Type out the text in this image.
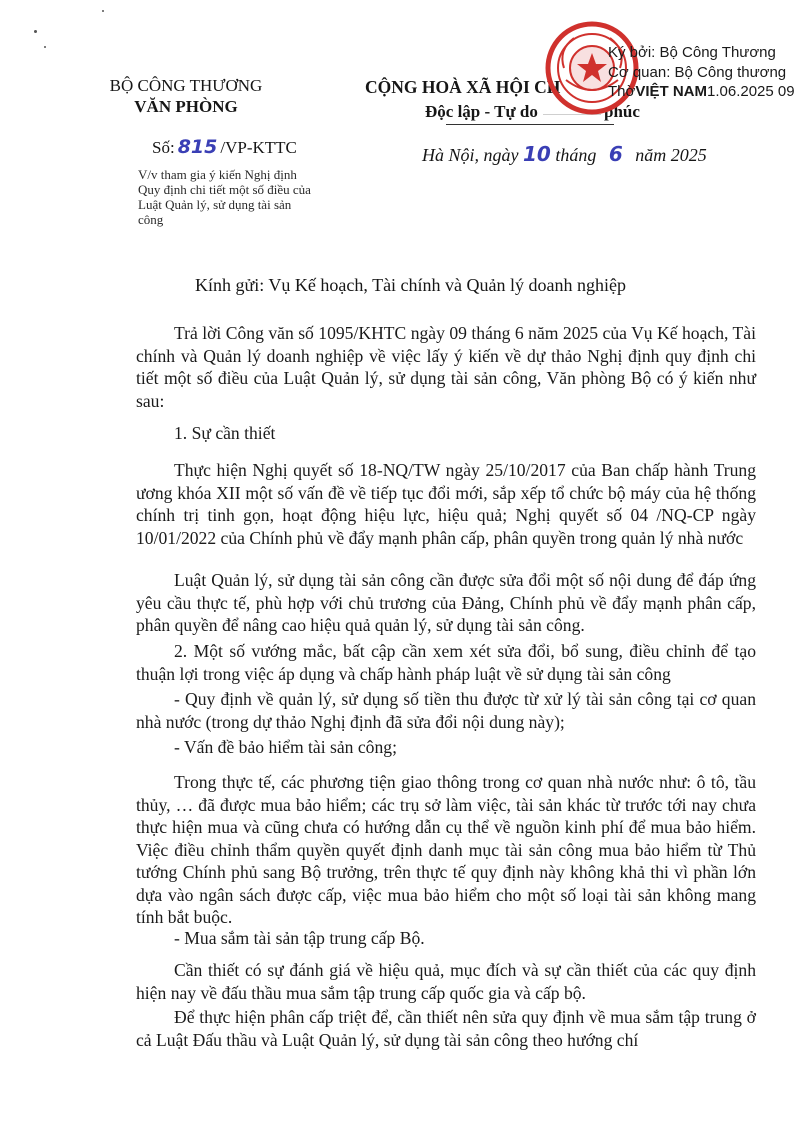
BỘ CÔNG THƯƠNG
VĂN PHÒNG
Số: 815 /VP-KTTC
V/v tham gia ý kiến Nghị định
Quy định chi tiết một số điều của
Luật Quản lý, sử dụng tài sản
công
CỘNG HOÀ XÃ HỘI CH
Độc lập - Tự do	phúc
Hà Nội, ngày 10 tháng 6 năm 2025
Ký bởi: Bộ Công Thương
Cơ quan: Bộ Công thương
ThờVIỆT NAM1.06.2025 09
Kính gửi: Vụ Kế hoạch, Tài chính và Quản lý doanh nghiệp
Trả lời Công văn số 1095/KHTC ngày 09 tháng 6 năm 2025 của Vụ Kế hoạch, Tài chính và Quản lý doanh nghiệp về việc lấy ý kiến về dự thảo Nghị định quy định chi tiết một số điều của Luật Quản lý, sử dụng tài sản công, Văn phòng Bộ có ý kiến như sau:
1. Sự cần thiết
Thực hiện Nghị quyết số 18-NQ/TW ngày 25/10/2017 của Ban chấp hành Trung ương khóa XII một số vấn đề về tiếp tục đổi mới, sắp xếp tổ chức bộ máy của hệ thống chính trị tinh gọn, hoạt động hiệu lực, hiệu quả; Nghị quyết số 04 /NQ-CP ngày 10/01/2022 của Chính phủ về đẩy mạnh phân cấp, phân quyền trong quản lý nhà nước
Luật Quản lý, sử dụng tài sản công cần được sửa đổi một số nội dung để đáp ứng yêu cầu thực tế, phù hợp với chủ trương của Đảng, Chính phủ về đẩy mạnh phân cấp, phân quyền để nâng cao hiệu quả quản lý, sử dụng tài sản công.
2. Một số vướng mắc, bất cập cần xem xét sửa đổi, bổ sung, điều chỉnh để tạo thuận lợi trong việc áp dụng và chấp hành pháp luật về sử dụng tài sản công
- Quy định về quản lý, sử dụng số tiền thu được từ xử lý tài sản công tại cơ quan nhà nước (trong dự thảo Nghị định đã sửa đổi nội dung này);
- Vấn đề bảo hiểm tài sản công;
Trong thực tế, các phương tiện giao thông trong cơ quan nhà nước như: ô tô, tầu thủy, … đã được mua bảo hiểm; các trụ sở làm việc, tài sản khác từ trước tới nay chưa thực hiện mua và cũng chưa có hướng dẫn cụ thể về nguồn kinh phí để mua bảo hiểm. Việc điều chỉnh thẩm quyền quyết định danh mục tài sản công mua bảo hiểm từ Thủ tướng Chính phủ sang Bộ trưởng, trên thực tế quy định này không khả thi vì phần lớn dựa vào ngân sách được cấp, việc mua bảo hiểm cho một số loại tài sản không mang tính bắt buộc.
- Mua sắm tài sản tập trung cấp Bộ.
Cần thiết có sự đánh giá về hiệu quả, mục đích và sự cần thiết của các quy định hiện nay về đấu thầu mua sắm tập trung cấp quốc gia và cấp bộ.
Để thực hiện phân cấp triệt để, cần thiết nên sửa quy định về mua sắm tập trung ở cả Luật Đấu thầu và Luật Quản lý, sử dụng tài sản công theo hướng chí
